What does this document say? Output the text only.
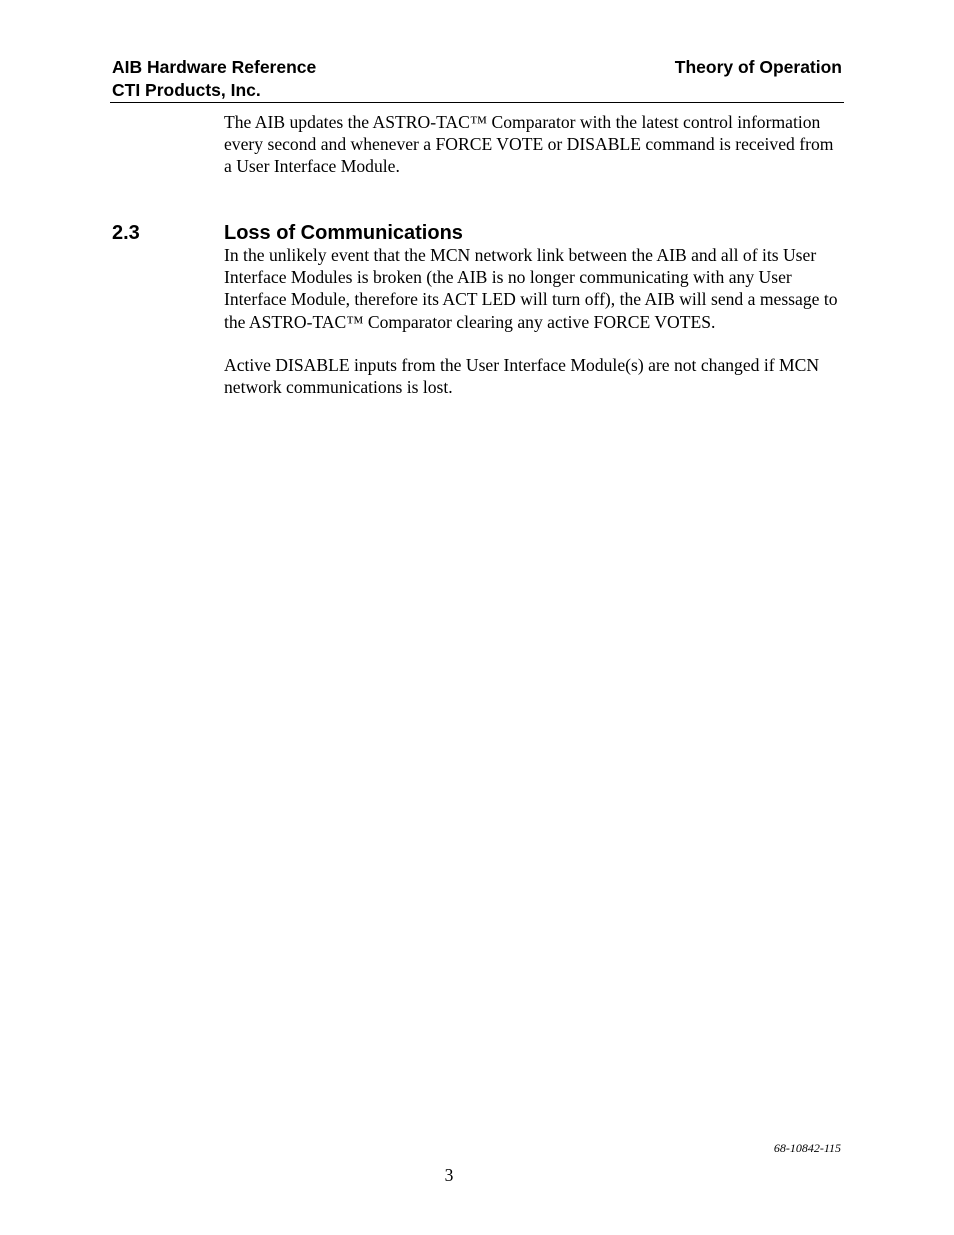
AIB Hardware Reference
CTI Products, Inc.
Theory of Operation

The AIB updates the ASTRO-TAC™ Comparator with the latest control information every second and whenever a FORCE VOTE or DISABLE command is received from a User Interface Module.

2.3	Loss of Communications

In the unlikely event that the MCN network link between the AIB and all of its User Interface Modules is broken (the AIB is no longer communicating with any User Interface Module, therefore its ACT LED will turn off), the AIB will send a message to the ASTRO-TAC™ Comparator clearing any active FORCE VOTES.

Active DISABLE inputs from the User Interface Module(s) are not changed if MCN network communications is lost.

68-10842-115
3
